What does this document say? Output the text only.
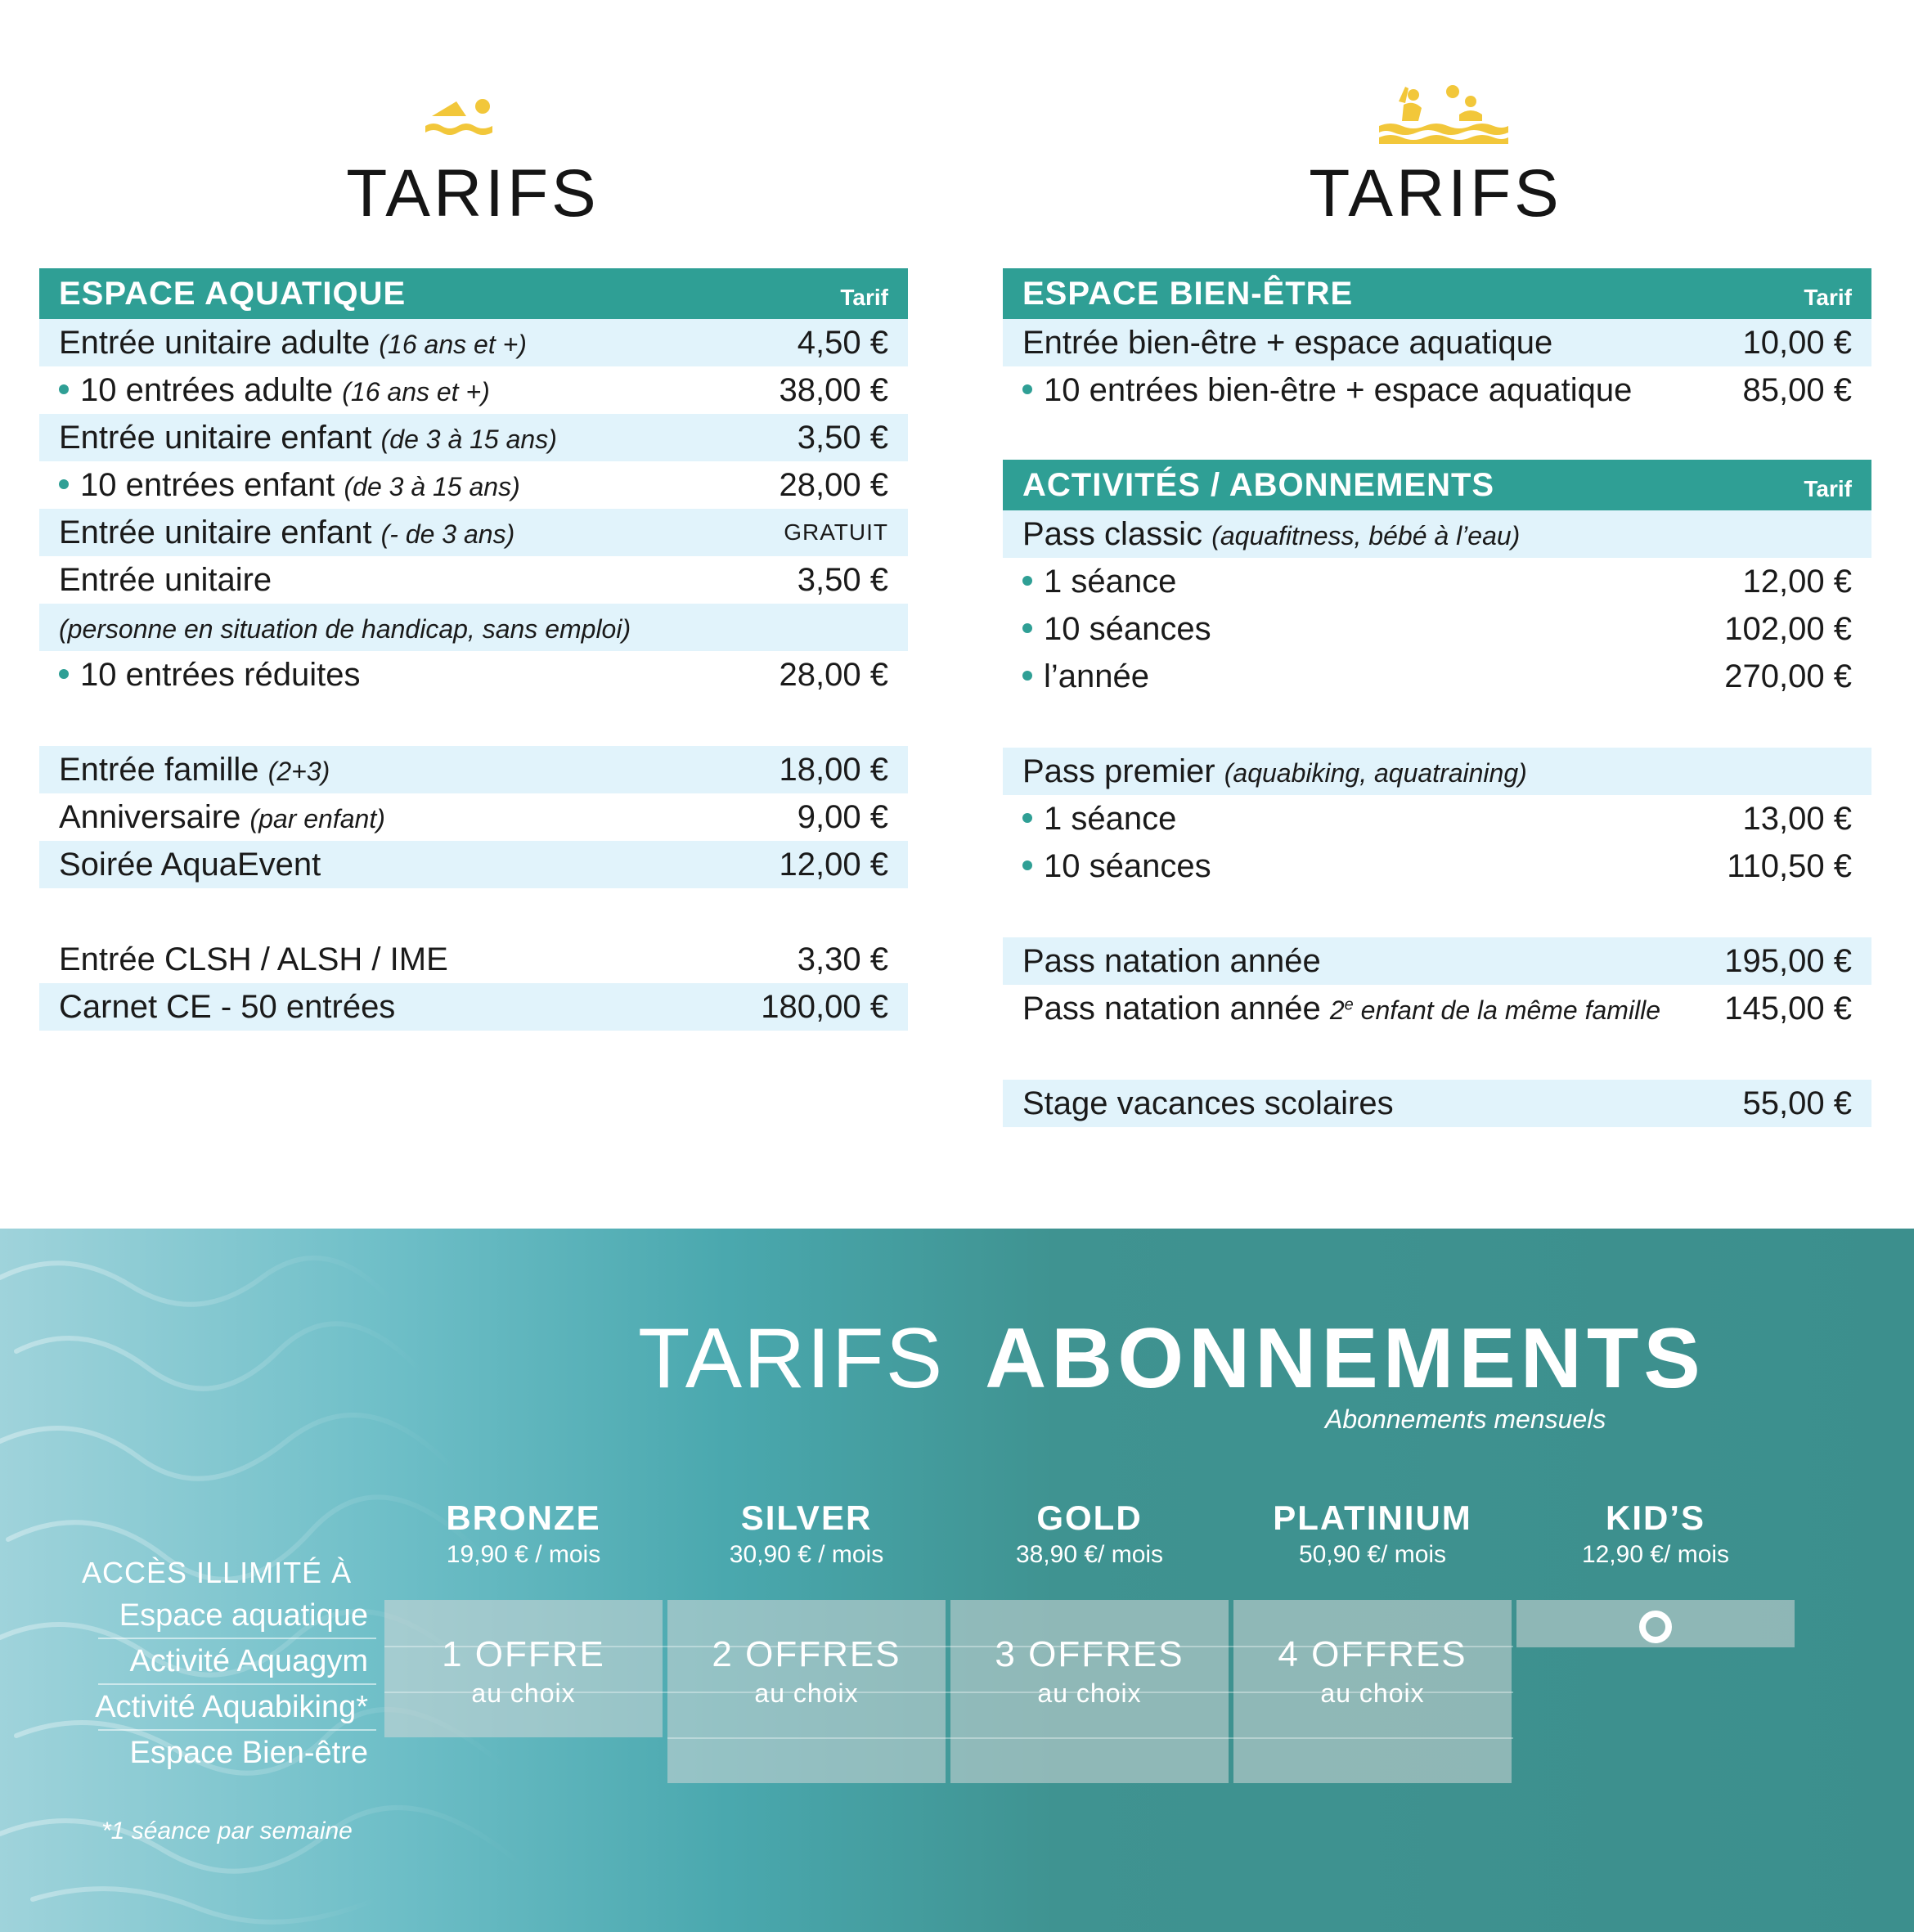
TARIFS
ESPACE AQUATIQUE	Tarif
Entrée unitaire adulte (16 ans et +)	4,50 €
10 entrées adulte (16 ans et +)	38,00 €
Entrée unitaire enfant (de 3 à 15 ans)	3,50 €
10 entrées enfant (de 3 à 15 ans)	28,00 €
Entrée unitaire enfant (- de 3 ans)	GRATUIT
Entrée unitaire	3,50 €
(personne en situation de handicap, sans emploi)
10 entrées réduites	28,00 €
Entrée famille (2+3)	18,00 €
Anniversaire (par enfant)	9,00 €
Soirée AquaEvent	12,00 €
Entrée CLSH / ALSH / IME	3,30 €
Carnet CE - 50 entrées	180,00 €
TARIFS
ESPACE BIEN-ÊTRE	Tarif
Entrée bien-être + espace aquatique	10,00 €
10 entrées bien-être + espace aquatique	85,00 €
ACTIVITÉS / ABONNEMENTS	Tarif
Pass classic (aquafitness, bébé à l’eau)
1 séance	12,00 €
10 séances	102,00 €
l’année	270,00 €
Pass premier (aquabiking, aquatraining)
1 séance	13,00 €
10 séances	110,50 €
Pass natation année	195,00 €
Pass natation année 2e enfant de la même famille 145,00 €
Stage vacances scolaires	55,00 €
TARIFS ABONNEMENTS
Abonnements mensuels
ACCÈS ILLIMITÉ À
Espace aquatique
Activité Aquagym
Activité Aquabiking*
Espace Bien-être
BRONZE
19,90 € / mois
SILVER
30,90 € / mois
GOLD
38,90 €/ mois
PLATINIUM
50,90 €/ mois
KID’S
12,90 €/ mois
1 OFFRE
au choix
2 OFFRES
au choix
3 OFFRES
au choix
4 OFFRES
au choix
*1 séance par semaine
